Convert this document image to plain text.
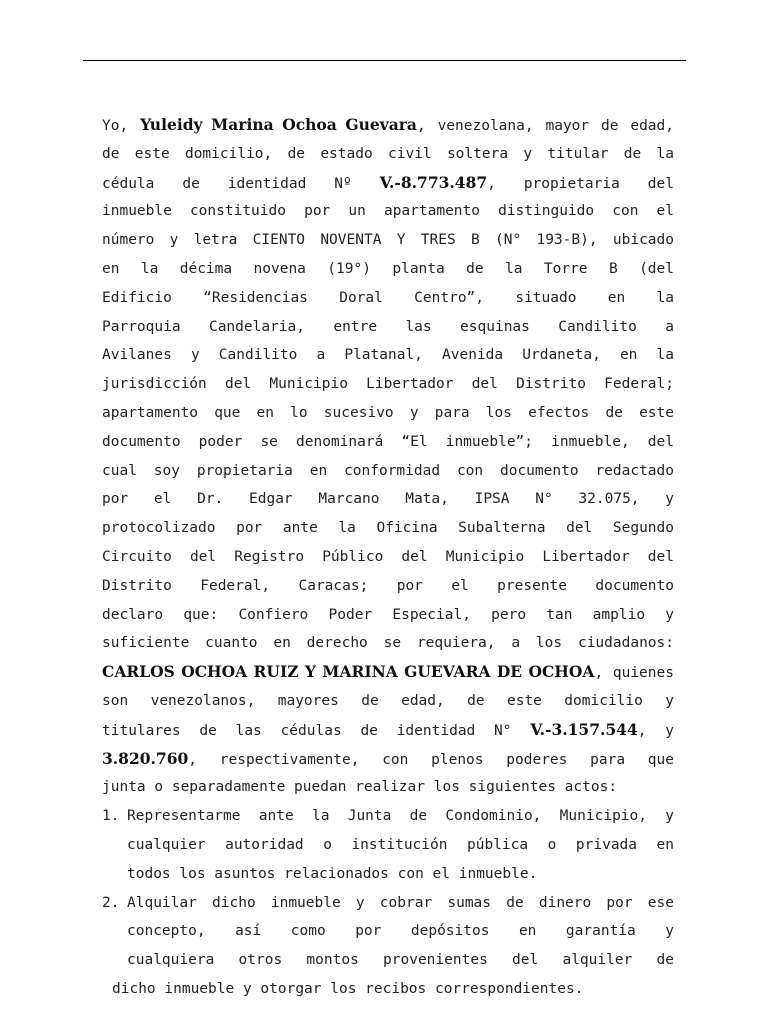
Yo, Yuleidy Marina Ochoa Guevara, venezolana, mayor de edad,
de este domicilio, de estado civil soltera y titular de la
cédula de identidad Nº V.-8.773.487, propietaria del
inmueble constituido por un apartamento distinguido con el
número y letra CIENTO NOVENTA Y TRES B (N° 193-B), ubicado
en la décima novena (19°) planta de la Torre B (del
Edificio “Residencias Doral Centro”, situado en la
Parroquia Candelaria, entre las esquinas Candilito a
Avilanes y Candilito a Platanal, Avenida Urdaneta, en la
jurisdicción del Municipio Libertador del Distrito Federal;
apartamento que en lo sucesivo y para los efectos de este
documento poder se denominará “El inmueble”; inmueble, del
cual soy propietaria en conformidad con documento redactado
por el Dr. Edgar Marcano Mata, IPSA N° 32.075, y
protocolizado por ante la Oficina Subalterna del Segundo
Circuito del Registro Público del Municipio Libertador del
Distrito Federal, Caracas; por el presente documento
declaro que: Confiero Poder Especial, pero tan amplio y
suficiente cuanto en derecho se requiera, a los ciudadanos:
CARLOS OCHOA RUIZ Y MARINA GUEVARA DE OCHOA, quienes
son venezolanos, mayores de edad, de este domicilio y
titulares de las cédulas de identidad N° V.-3.157.544, y
3.820.760, respectivamente, con plenos poderes para que
junta o separadamente puedan realizar los siguientes actos:
1. Representarme ante la Junta de Condominio, Municipio, y
cualquier autoridad o institución pública o privada en
todos los asuntos relacionados con el inmueble.
2. Alquilar dicho inmueble y cobrar sumas de dinero por ese
concepto, así como por depósitos en garantía y
cualquiera otros montos provenientes del alquiler de
dicho inmueble y otorgar los recibos correspondientes.
